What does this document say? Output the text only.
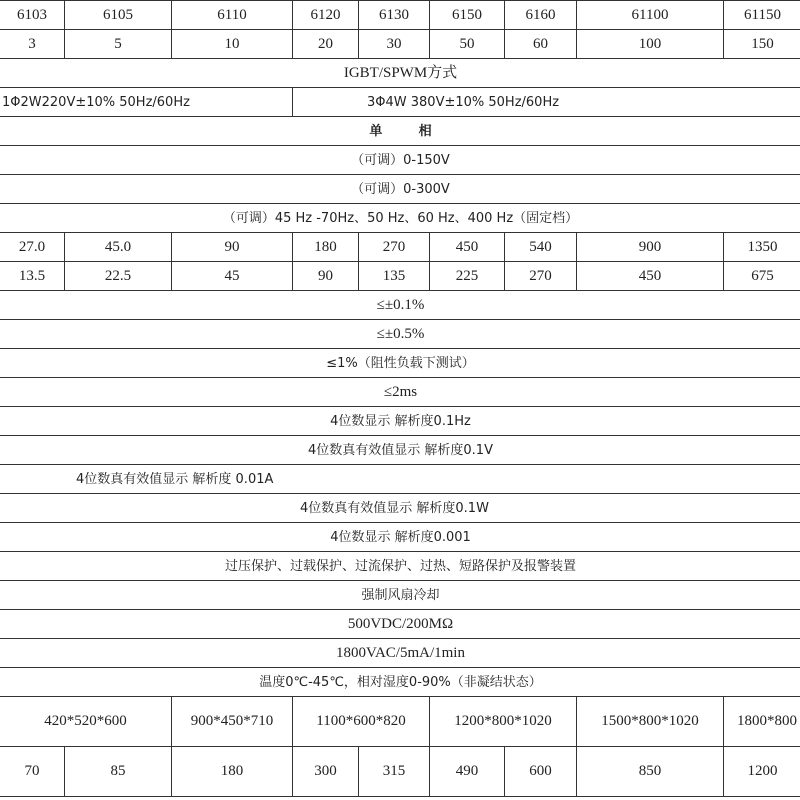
6103	6105	6110	6120	6130	6150	6160	61100	61150
3	5	10	20	30	50	60	100	150
IGBT/SPWM方式								
1Φ2W220V±10% 50Hz/60Hz			3Φ4W 380V±10% 50Hz/60Hz					
单        相								
（可调）0-150V								
（可调）0-300V								
（可调）45 Hz -70Hz、50 Hz、60 Hz、400 Hz（固定档）								
27.0	45.0	90	180	270	450	540	900	1350
13.5	22.5	45	90	135	225	270	450	675
≤±0.1%								
≤±0.5%								
≤1%（阻性负载下测试）								
≤2ms								
4位数显示 解析度0.1Hz								
4位数真有效值显示 解析度0.1V								
4位数真有效值显示 解析度 0.01A								
4位数真有效值显示 解析度0.1W								
4位数显示 解析度0.001								
过压保护、过载保护、过流保护、过热、短路保护及报警装置								
强制风扇冷却								
500VDC/200MΩ								
1800VAC/5mA/1min								
温度0℃-45℃，相对湿度0-90%（非凝结状态）								
420*520*600		900*450*710	1100*600*820		1200*800*1020		1500*800*1020	1800*800
70	85	180	300	315	490	600	850	1200
